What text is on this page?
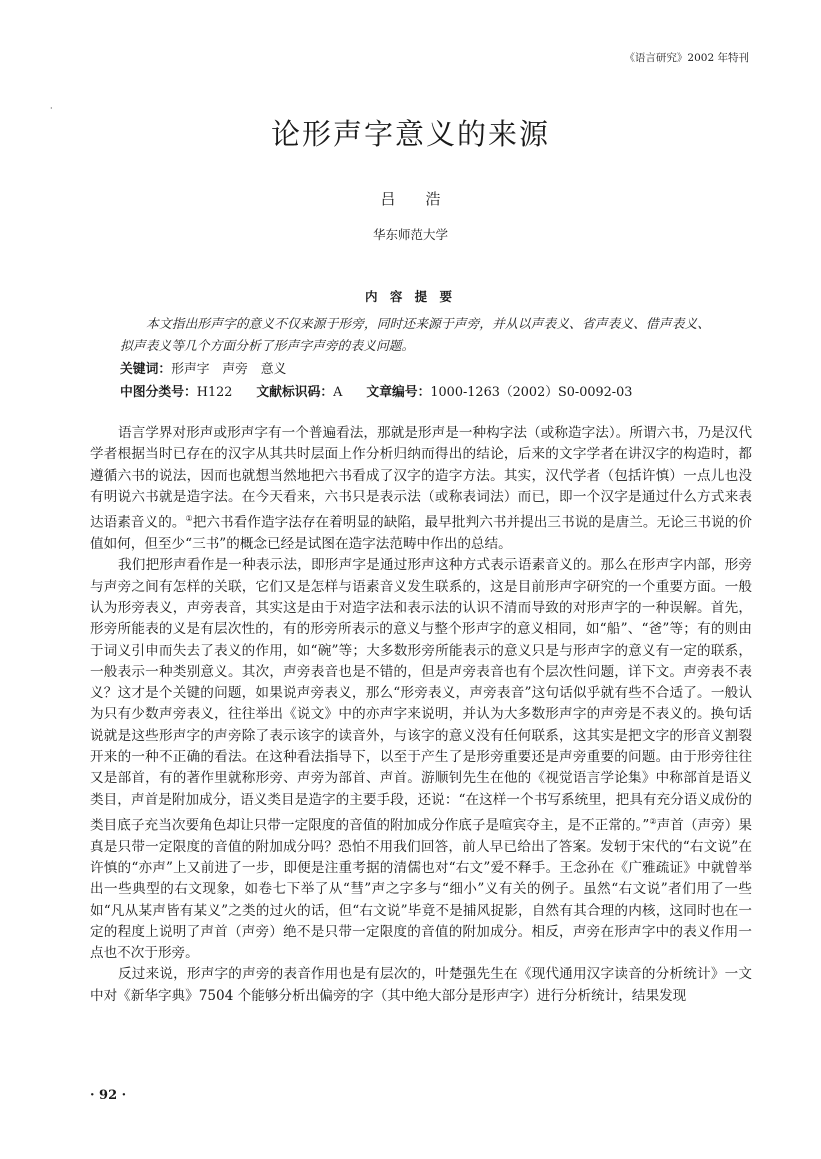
《语言研究》2002 年特刊
·
论形声字意义的来源
吕　　浩
华东师范大学
内 容 提 要

本文指出形声字的意义不仅来源于形旁，同时还来源于声旁，并从以声表义、省声表义、借声表义、拟声表义等几个方面分析了形声字声旁的表义问题。

关键词：形声字　声旁　意义
中图分类号：H122 文献标识码：A 文章编号：1000-1263（2002）S0-0092-03

语言学界对形声或形声字有一个普遍看法，那就是形声是一种构字法（或称造字法）。所谓六书，乃是汉代学者根据当时已存在的汉字从其共时层面上作分析归纳而得出的结论，后来的文字学者在讲汉字的构造时，都遵循六书的说法，因而也就想当然地把六书看成了汉字的造字方法。其实，汉代学者（包括许慎）一点儿也没有明说六书就是造字法。在今天看来，六书只是表示法（或称表词法）而已，即一个汉字是通过什么方式来表达语素音义的。①把六书看作造字法存在着明显的缺陷，最早批判六书并提出三书说的是唐兰。无论三书说的价值如何，但至少“三书”的概念已经是试图在造字法范畴中作出的总结。

我们把形声看作是一种表示法，即形声字是通过形声这种方式表示语素音义的。那么在形声字内部，形旁与声旁之间有怎样的关联，它们又是怎样与语素音义发生联系的，这是目前形声字研究的一个重要方面。一般认为形旁表义，声旁表音，其实这是由于对造字法和表示法的认识不清而导致的对形声字的一种误解。首先，形旁所能表的义是有层次性的，有的形旁所表示的意义与整个形声字的意义相同，如“船”、“爸”等；有的则由于词义引申而失去了表义的作用，如“碗”等；大多数形旁所能表示的意义只是与形声字的意义有一定的联系，一般表示一种类别意义。其次，声旁表音也是不错的，但是声旁表音也有个层次性问题，详下文。声旁表不表义？这才是个关键的问题，如果说声旁表义，那么“形旁表义，声旁表音”这句话似乎就有些不合适了。一般认为只有少数声旁表义，往往举出《说文》中的亦声字来说明，并认为大多数形声字的声旁是不表义的。换句话说就是这些形声字的声旁除了表示该字的读音外，与该字的意义没有任何联系，这其实是把文字的形音义割裂开来的一种不正确的看法。在这种看法指导下，以至于产生了是形旁重要还是声旁重要的问题。由于形旁往往又是部首，有的著作里就称形旁、声旁为部首、声首。游顺钊先生在他的《视觉语言学论集》中称部首是语义类目，声首是附加成分，语义类目是造字的主要手段，还说：“在这样一个书写系统里，把具有充分语义成份的类目底子充当次要角色却让只带一定限度的音值的附加成分作底子是喧宾夺主，是不正常的。”②声首（声旁）果真是只带一定限度的音值的附加成分吗？恐怕不用我们回答，前人早已给出了答案。发轫于宋代的“右文说”在许慎的“亦声”上又前进了一步，即便是注重考据的清儒也对“右文”爱不释手。王念孙在《广雅疏证》中就曾举出一些典型的右文现象，如卷七下举了从“彗”声之字多与“细小”义有关的例子。虽然“右文说”者们用了一些如“凡从某声皆有某义”之类的过火的话，但“右文说”毕竟不是捕风捉影，自然有其合理的内核，这同时也在一定的程度上说明了声首（声旁）绝不是只带一定限度的音值的附加成分。相反，声旁在形声字中的表义作用一点也不次于形旁。

反过来说，形声字的声旁的表音作用也是有层次的，叶楚强先生在《现代通用汉字读音的分析统计》一文中对《新华字典》7504 个能够分析出偏旁的字（其中绝大部分是形声字）进行分析统计，结果发现

· 92 ·
